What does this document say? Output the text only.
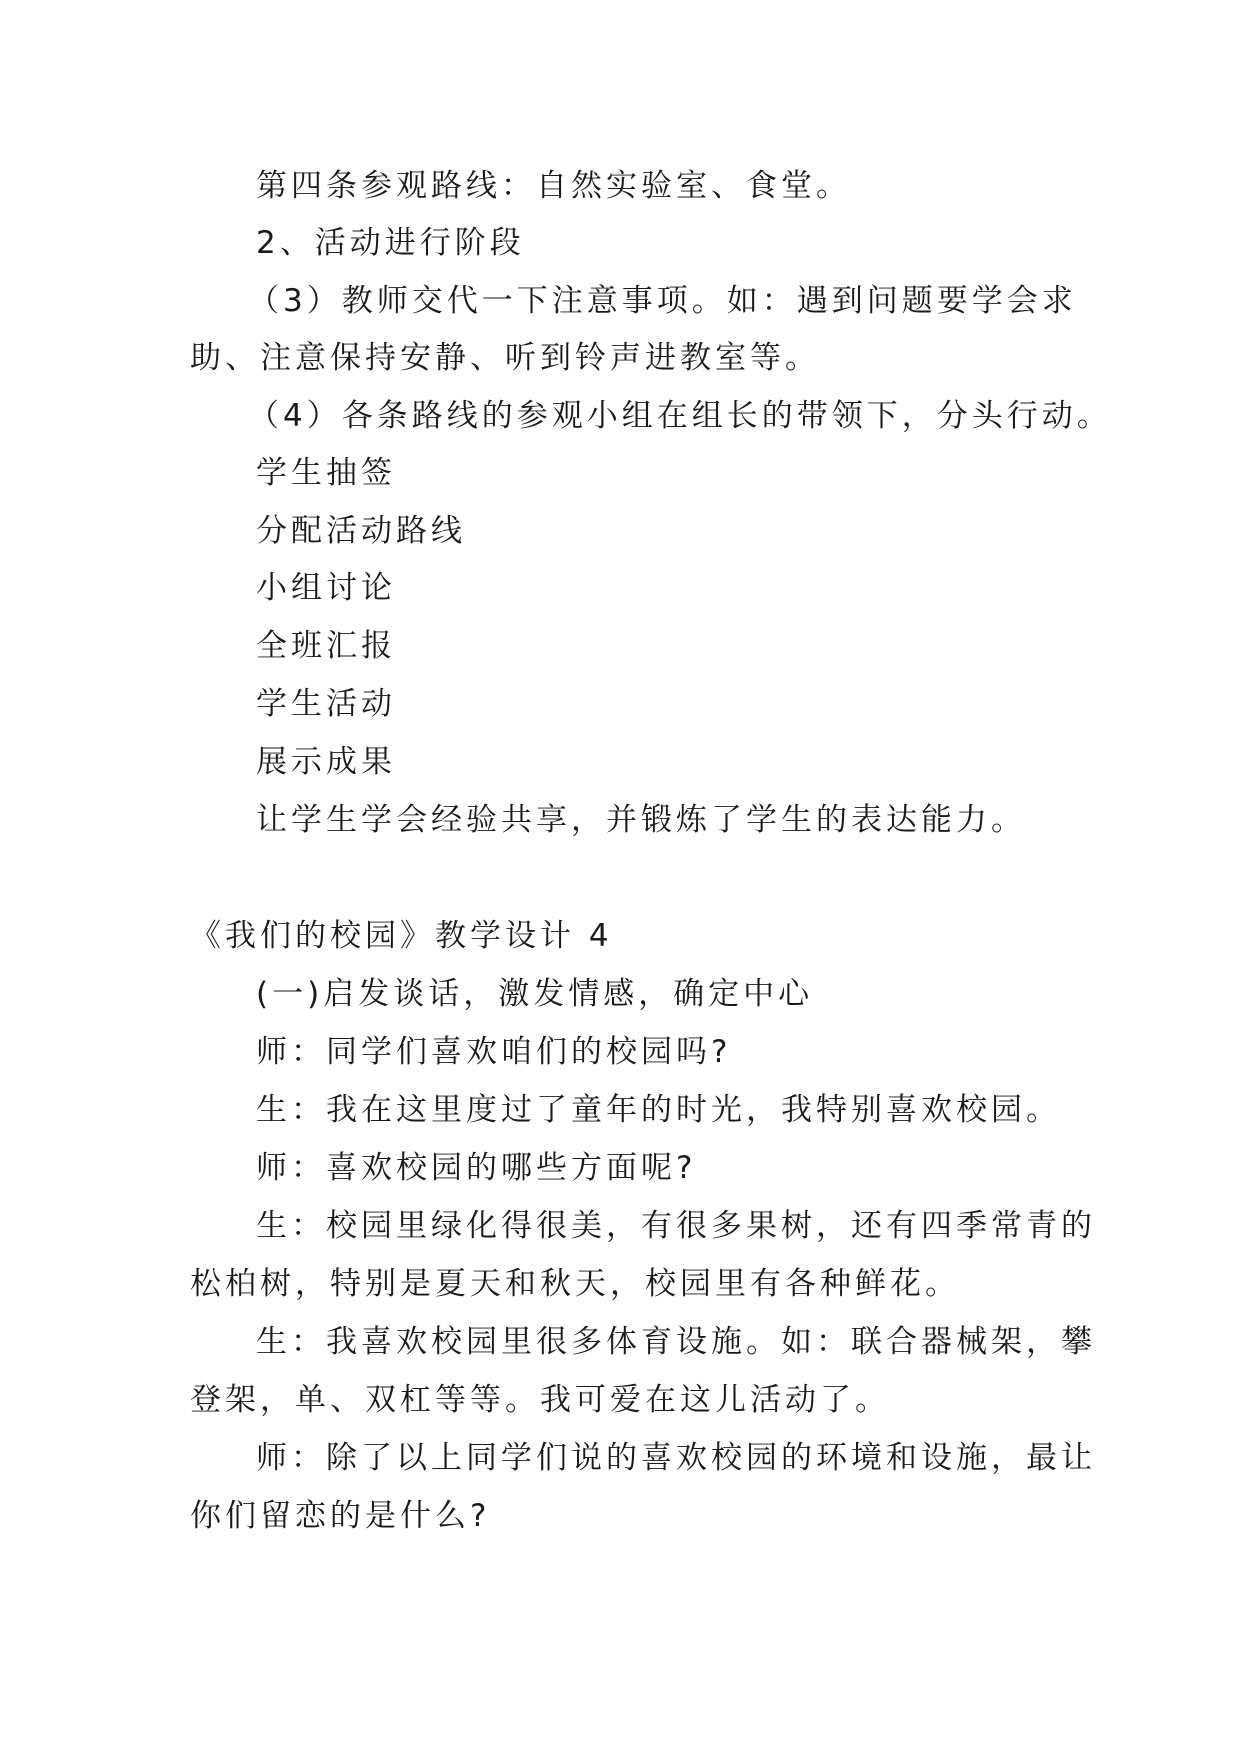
第四条参观路线：自然实验室、食堂。
2、活动进行阶段
（3）教师交代一下注意事项。如：遇到问题要学会求
助、注意保持安静、听到铃声进教室等。
（4）各条路线的参观小组在组长的带领下，分头行动。
学生抽签
分配活动路线
小组讨论
全班汇报
学生活动
展示成果
让学生学会经验共享，并锻炼了学生的表达能力。
《我们的校园》教学设计 4
(一)启发谈话，激发情感，确定中心
师：同学们喜欢咱们的校园吗?
生：我在这里度过了童年的时光，我特别喜欢校园。
师：喜欢校园的哪些方面呢?
生：校园里绿化得很美，有很多果树，还有四季常青的
松柏树，特别是夏天和秋天，校园里有各种鲜花。
生：我喜欢校园里很多体育设施。如：联合器械架，攀
登架，单、双杠等等。我可爱在这儿活动了。
师：除了以上同学们说的喜欢校园的环境和设施，最让
你们留恋的是什么?
